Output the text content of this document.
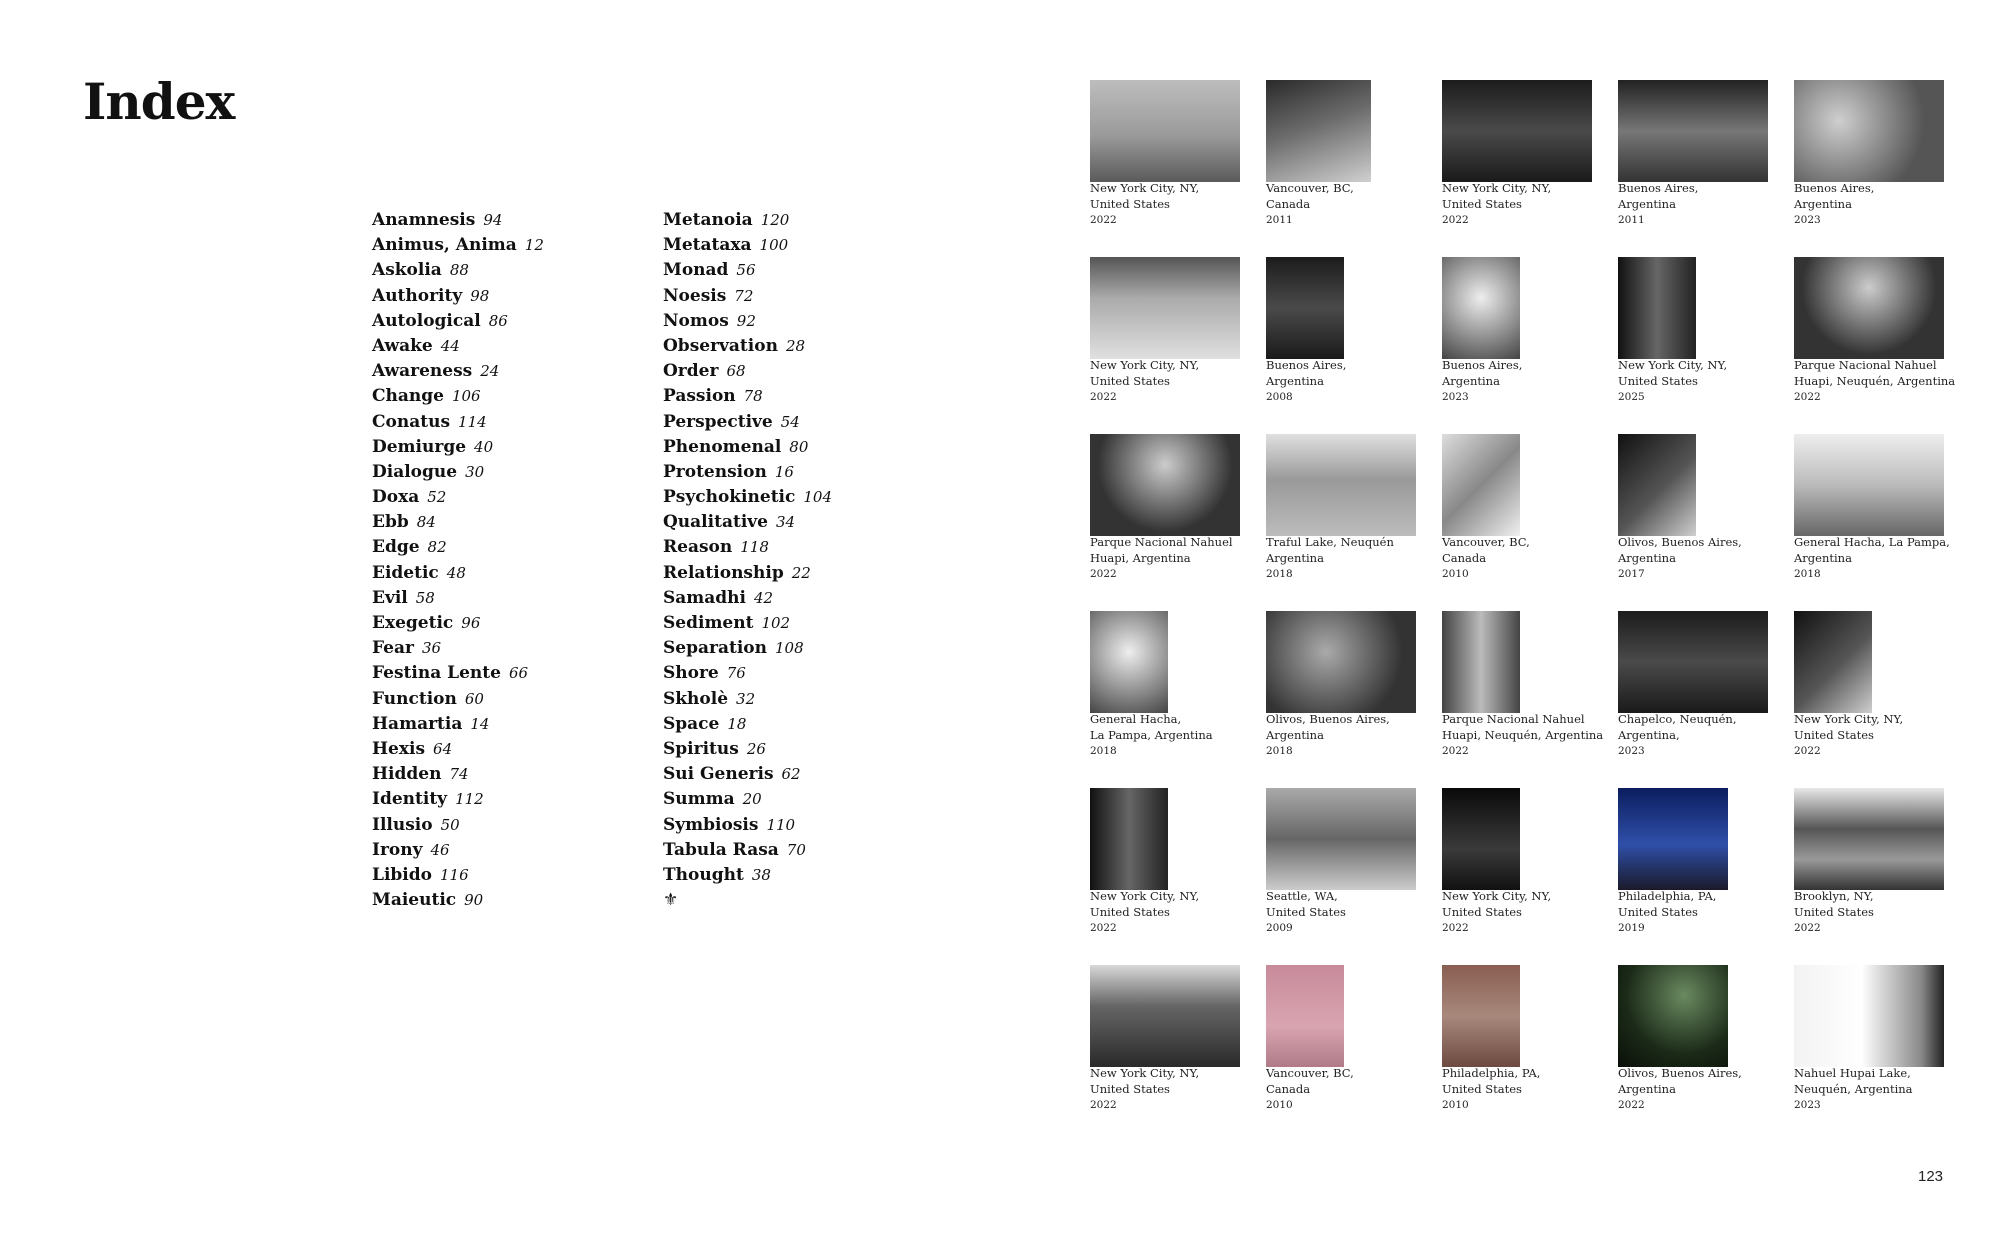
Index
Anamnesis 94
Animus, Anima 12
Askolia 88
Authority 98
Autological 86
Awake 44
Awareness 24
Change 106
Conatus 114
Demiurge 40
Dialogue 30
Doxa 52
Ebb 84
Edge 82
Eidetic 48
Evil 58
Exegetic 96
Fear 36
Festina Lente 66
Function 60
Hamartia 14
Hexis 64
Hidden 74
Identity 112
Illusio 50
Irony 46
Libido 116
Maieutic 90
Metanoia 120
Metataxa 100
Monad 56
Noesis 72
Nomos 92
Observation 28
Order 68
Passion 78
Perspective 54
Phenomenal 80
Protension 16
Psychokinetic 104
Qualitative 34
Reason 118
Relationship 22
Samadhi 42
Sediment 102
Separation 108
Shore 76
Skholè 32
Space 18
Spiritus 26
Sui Generis 62
Summa 20
Symbiosis 110
Tabula Rasa 70
Thought 38
⚜
New York City, NY,
United States
2022
Vancouver, BC,
Canada
2011
New York City, NY,
United States
2022
Buenos Aires,
Argentina
2011
Buenos Aires,
Argentina
2023
New York City, NY,
United States
2022
Buenos Aires,
Argentina
2008
Buenos Aires,
Argentina
2023
New York City, NY,
United States
2025
Parque Nacional Nahuel
Huapi, Neuquén, Argentina
2022
Parque Nacional Nahuel
Huapi, Argentina
2022
Traful Lake, Neuquén
Argentina
2018
Vancouver, BC,
Canada
2010
Olivos, Buenos Aires,
Argentina
2017
General Hacha, La Pampa,
Argentina
2018
General Hacha,
La Pampa, Argentina
2018
Olivos, Buenos Aires,
Argentina
2018
Parque Nacional Nahuel
Huapi, Neuquén, Argentina
2022
Chapelco, Neuquén,
Argentina,
2023
New York City, NY,
United States
2022
New York City, NY,
United States
2022
Seattle, WA,
United States
2009
New York City, NY,
United States
2022
Philadelphia, PA,
United States
2019
Brooklyn, NY,
United States
2022
New York City, NY,
United States
2022
Vancouver, BC,
Canada
2010
Philadelphia, PA,
United States
2010
Olivos, Buenos Aires,
Argentina
2022
Nahuel Hupai Lake,
Neuquén, Argentina
2023
123
